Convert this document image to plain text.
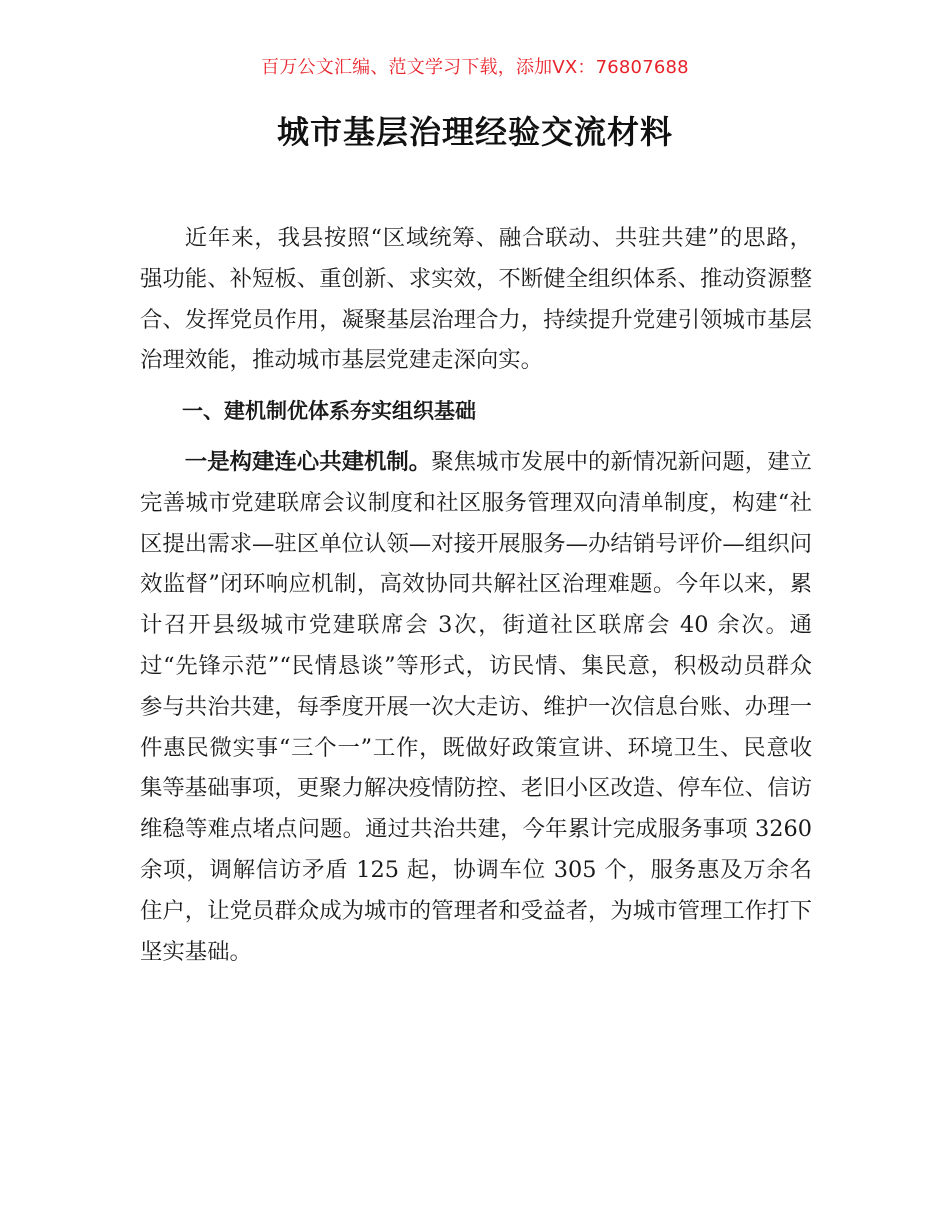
百万公文汇编、范文学习下载，添加VX：76807688
城市基层治理经验交流材料

近年来，我县按照“区域统筹、融合联动、共驻共建”的思路，强功能、补短板、重创新、求实效，不断健全组织体系、推动资源整合、发挥党员作用，凝聚基层治理合力，持续提升党建引领城市基层治理效能，推动城市基层党建走深向实。

一、建机制优体系夯实组织基础

一是构建连心共建机制。聚焦城市发展中的新情况新问题，建立完善城市党建联席会议制度和社区服务管理双向清单制度，构建“社区提出需求—驻区单位认领—对接开展服务—办结销号评价—组织问效监督”闭环响应机制，高效协同共解社区治理难题。今年以来，累计召开县级城市党建联席会 3次，街道社区联席会 40 余次。通过“先锋示范”“民情恳谈”等形式，访民情、集民意，积极动员群众参与共治共建，每季度开展一次大走访、维护一次信息台账、办理一件惠民微实事“三个一”工作，既做好政策宣讲、环境卫生、民意收集等基础事项，更聚力解决疫情防控、老旧小区改造、停车位、信访维稳等难点堵点问题。通过共治共建，今年累计完成服务事项 3260 余项，调解信访矛盾 125 起，协调车位 305 个，服务惠及万余名住户，让党员群众成为城市的管理者和受益者，为城市管理工作打下坚实基础。
